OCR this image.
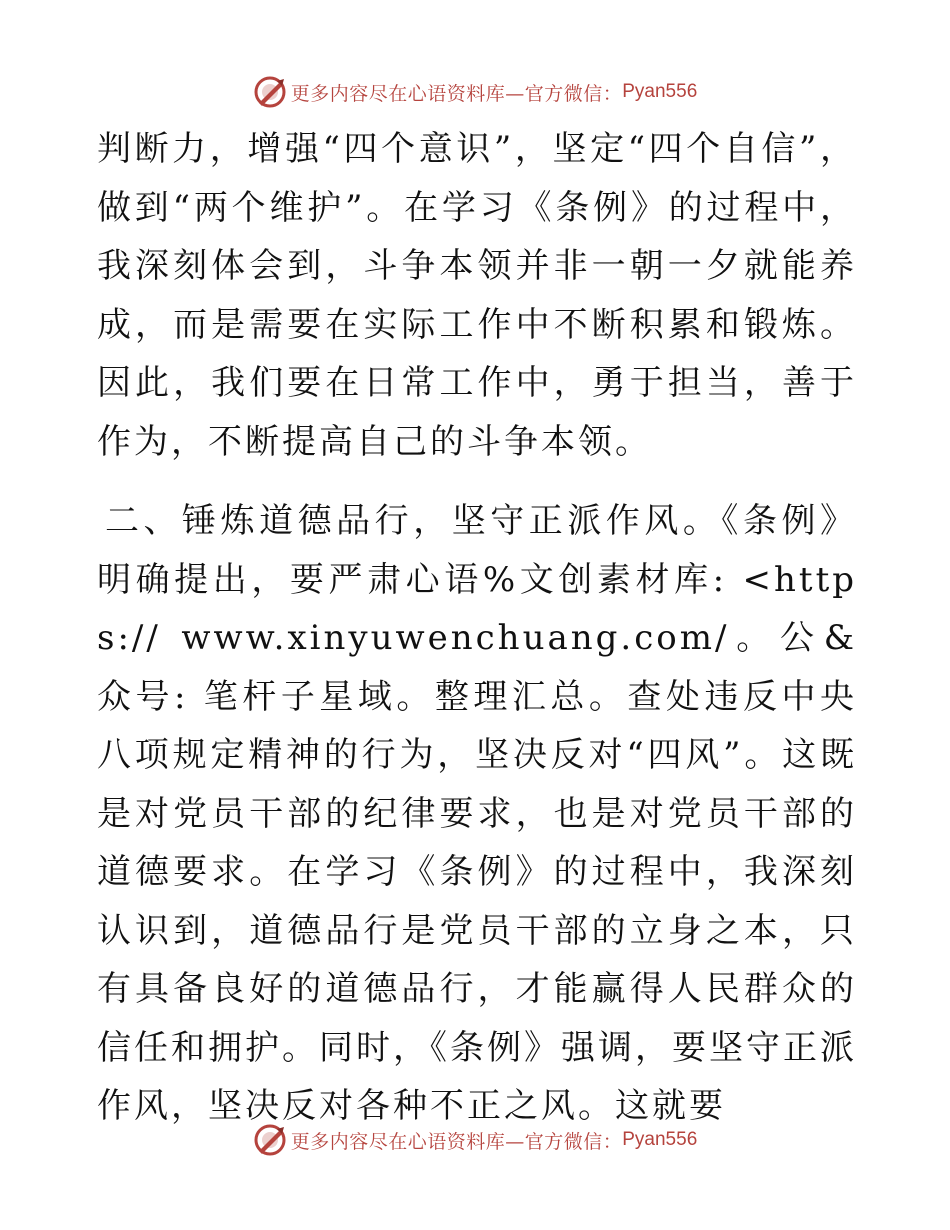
更多内容尽在心语资料库—官方微信： Pyan556

判断力，增强“四个意识”，坚定“四个自信”，做到“两个维护”。在学习《条例》的过程中，我深刻体会到，斗争本领并非一朝一夕就能养成，而是需要在实际工作中不断积累和锻炼。因此，我们要在日常工作中，勇于担当，善于作为，不断提高自己的斗争本领。

二、锤炼道德品行，坚守正派作风。《条例》明确提出，要严肃心语%文创素材库: <https:// www.xinyuwenchuang.com/。公&众号: 笔杆子星域。整理汇总。查处违反中央八项规定精神的行为，坚决反对“四风”。这既是对党员干部的纪律要求，也是对党员干部的道德要求。在学习《条例》的过程中，我深刻认识到，道德品行是党员干部的立身之本，只有具备良好的道德品行，才能赢得人民群众的信任和拥护。同时，《条例》强调，要坚守正派作风，坚决反对各种不正之风。这就要

更多内容尽在心语资料库—官方微信： Pyan556
